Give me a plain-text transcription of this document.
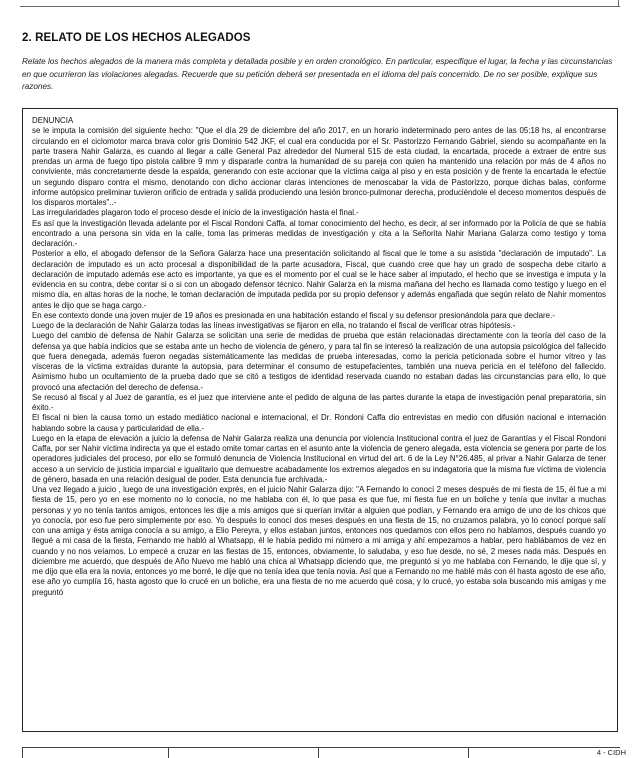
2. RELATO DE LOS HECHOS ALEGADOS

Relate los hechos alegados de la manera más completa y detallada posible y en orden cronológico. En particular, especifique el lugar, la fecha y las circunstancias en que ocurrieron las violaciones alegadas. Recuerde que su petición deberá ser presentada en el idioma del país concernido. De no ser posible, explique sus razones.

DENUNCIA

se le imputa la comisión del siguiente hecho: "Que el día 29 de diciembre del año 2017, en un horario indeterminado pero antes de las 05:18 hs, al encontrarse circulando en el ciclomotor marca brava color gris Dominio 542 JKF, el cual era conducida por el Sr. Pastorizzo Fernando Gabriel, siendo su acompañante en la parte trasera Nahir Galarza, es cuando al llegar a calle General Paz alrededor del Numeral 515 de esta ciudad, la encartada, procede a extraer de entre sus prendas un arma de fuego tipo pistola calibre 9 mm y dispararle contra la humanidad de su pareja con quien ha mantenido una relación por más de 4 años no conviviente, más concretamente desde la espalda, generando con este accionar que la víctima caiga al piso y en esta posición y de frente la encartada le efectúe un segundo disparo contra el mismo, denotando con dicho accionar claras intenciones de menoscabar la vida de Pastorizzo, porque dichas balas, conforme informe autópsico preliminar tuvieron orificio de entrada y salida produciendo una lesión bronco-pulmonar derecha, produciéndole el deceso momentos después de los disparos mortales"..-

Las irregularidades plagaron todo el proceso desde el inicio de la investigación hasta el final.-

Es así que la investigación llevada adelante por el Fiscal Rondoni Caffa, al tomar conocimiento del hecho, es decir, al ser informado por la Policía de que se había encontrado a una persona sin vida en la calle, toma las primeras medidas de investigación y cita a la Señorita Nahir Mariana Galarza como testigo y toma declaración.-

Posterior a ello, el abogado defensor de la Señora Galarza hace una presentación solicitando al fiscal que le tome a su asistida "declaración de imputado". La declaración de imputado es un acto procesal a disponibilidad de la parte acusadora, Fiscal, que cuando cree que hay un grado de sospecha debe citarlo a declaración de imputado además ese acto es importante, ya que es el momento por el cual se le hace saber al imputado, el hecho que se investiga e imputa y la evidencia en su contra, debe contar si o si con un abogado defensor técnico. Nahir Galarza en la misma mañana del hecho es llamada como testigo y luego en el mismo día, en altas horas de la noche, le toman declaración de imputada pedida por su propio defensor y además engañada que según relato de Nahir momentos antes le dijo que se haga cargo.-

En ese contexto donde una joven mujer de 19 años es presionada en una habitación estando el fiscal y su defensor presionándola para que declare.-

Luego de la declaración de Nahir Galarza todas las líneas investigativas se fijaron en ella, no tratando el fiscal de verificar otras hipótesis.-

Luego del cambio de defensa de Nahir Galarza se solicitan una serie de medidas de prueba que están relacionadas directamente con la teoría del caso de la defensa ya que había indicios que se estaba ante un hecho de violencia de género, y para tal fin se interesó la realización de una autopsia psicológica del fallecido que fuera denegada, además fueron negadas sistemáticamente las medidas de prueba interesadas, como la pericia peticionada sobre el humor vítreo y las vísceras de la víctima extraídas durante la autopsia, para determinar el consumo de estupefacientes, también una nueva pericia en el teléfono del fallecido. Asimismo hubo un ocultamiento de la prueba dado que se citó a testigos de identidad reservada cuando no estaban dadas las circunstancias para ello, lo que provocó una afectación del derecho de defensa.-

Se recusó al fiscal y al Juez de garantía, es el juez que interviene ante el pedido de alguna de las partes durante la etapa de investigación penal preparatoria, sin éxito.-

El fiscal ni bien la causa tomo un estado mediático nacional e internacional, el Dr. Rondoni Caffa dio entrevistas en medio con difusión nacional e internación hablando sobre la causa y particularidad de ella.-

Luego en la etapa de elevación a juicio la defensa de Nahir Galarza realiza una denuncia por violencia Institucional contra el juez de Garantías y el Fiscal Rondoni Caffa, por ser Nahir víctima indirecta ya que el estado omite tomar cartas en el asunto ante la violencia de genero alegada, esta violencia se genera por parte de los operadores judiciales del proceso, por ello se formuló denuncia de Violencia Institucional en virtud del art. 6 de la Ley N°26.485, al privar a Nahir Galarza de tener acceso a un servicio de justicia imparcial e igualitario que demuestre acabadamente los extremos alegados en su indagatoria que la misma fue víctima de violencia de género, basada en una relación desigual de poder. Esta denuncia fue archivada.-

Una vez llegado a juicio , luego de una investigación exprés, en el juicio Nahir Galarza dijo: "A Fernando lo conocí 2 meses después de mi fiesta de 15, él fue a mi fiesta de 15, pero yo en ese momento no lo conocía, no me hablaba con él, lo que pasa es que fue, mi fiesta fue en un boliche y tenía que invitar a muchas personas y yo no tenía tantos amigos, entonces les dije a mis amigos que si querían invitar a alguien que podían, y Fernando era amigo de uno de los chicos que yo conocía, por eso fue pero simplemente por eso. Yo después lo conocí dos meses después en una fiesta de 15, no cruzamos palabra, yo lo conocí porque salí con una amiga y ésta amiga conocía a su amigo, a Elio Pereyra, y ellos estaban juntos, entonces nos quedamos con ellos pero no hablamos, después cuando yo llegué a mi casa de la fiesta, Fernando me habló al Whatsapp, él le había pedido mi número a mi amiga y ahí empezamos a hablar, pero hablábamos de vez en cuando y no nos veíamos. Lo empecé a cruzar en las fiestas de 15, entonces, obviamente, lo saludaba, y eso fue desde, no sé, 2 meses nada más. Después en diciembre me acuerdo, que después de Año Nuevo me habló una chica al Whatsapp diciendo que, me preguntó si yo me hablaba con Fernando, le dije que sí, y me dijo que ella era la novia, entonces yo me borré, le dije que no tenía idea que tenía novia. Así que a Fernando no me hablé más con él hasta agosto de ese año, ese año yo cumplía 16, hasta agosto que lo crucé en un boliche, era una fiesta de no me acuerdo qué cosa, y lo crucé, yo estaba sola buscando mis amigas y me preguntó

4 - CIDH
